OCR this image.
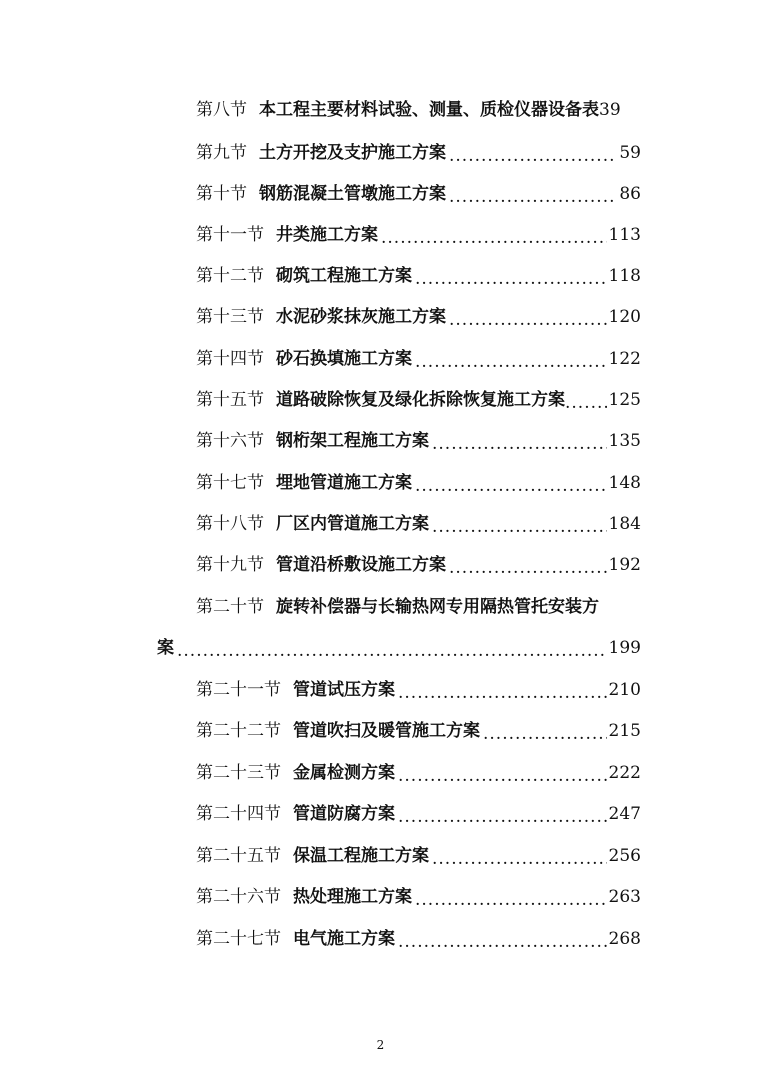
第八节 本工程主要材料试验、测量、质检仪器设备表 39
第九节 土方开挖及支护施工方案 .....	59
第十节 钢筋混凝土管墩施工方案 .....	86
第十一节 井类施工方案 .....	113
第十二节 砌筑工程施工方案 .....	118
第十三节 水泥砂浆抹灰施工方案 .....	120
第十四节 砂石换填施工方案 .....	122
第十五节 道路破除恢复及绿化拆除恢复施工方案 .....	125
第十六节 钢桁架工程施工方案 .....	135
第十七节 埋地管道施工方案 .....	148
第十八节 厂区内管道施工方案 .....	184
第十九节 管道沿桥敷设施工方案 .....	192
第二十节 旋转补偿器与长输热网专用隔热管托安装方
案 .....	199
第二十一节 管道试压方案 .....	210
第二十二节 管道吹扫及暖管施工方案 .....	215
第二十三节 金属检测方案 .....	222
第二十四节 管道防腐方案 .....	247
第二十五节 保温工程施工方案 .....	256
第二十六节 热处理施工方案 .....	263
第二十七节 电气施工方案 .....	268
2
